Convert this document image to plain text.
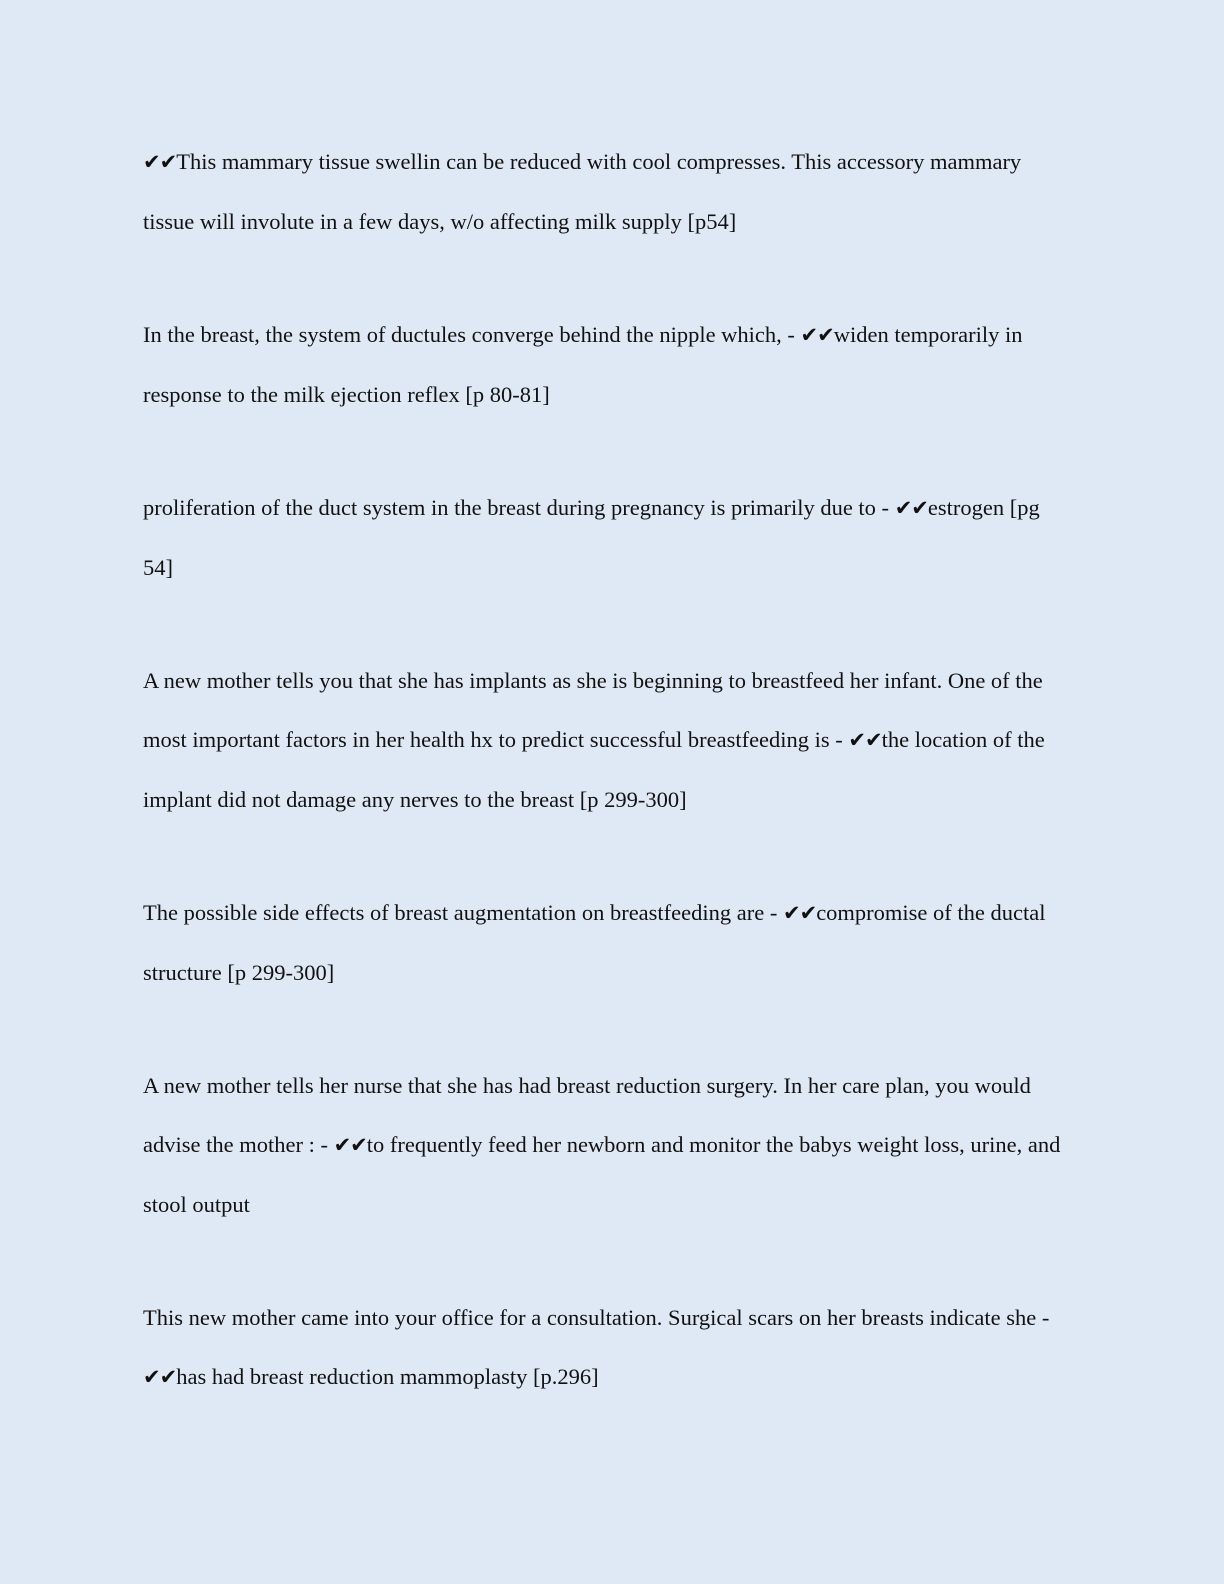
✔✔This mammary tissue swellin can be reduced with cool compresses. This accessory mammary tissue will involute in a few days, w/o affecting milk supply [p54]

In the breast, the system of ductules converge behind the nipple which, - ✔✔widen temporarily in response to the milk ejection reflex [p 80-81]

proliferation of the duct system in the breast during pregnancy is primarily due to - ✔✔estrogen [pg 54]

A new mother tells you that she has implants as she is beginning to breastfeed her infant. One of the most important factors in her health hx to predict successful breastfeeding is - ✔✔the location of the implant did not damage any nerves to the breast [p 299-300]

The possible side effects of breast augmentation on breastfeeding are - ✔✔compromise of the ductal structure [p 299-300]

A new mother tells her nurse that she has had breast reduction surgery. In her care plan, you would advise the mother : - ✔✔to frequently feed her newborn and monitor the babys weight loss, urine, and stool output

This new mother came into your office for a consultation. Surgical scars on her breasts indicate she - ✔✔has had breast reduction mammoplasty [p.296]
